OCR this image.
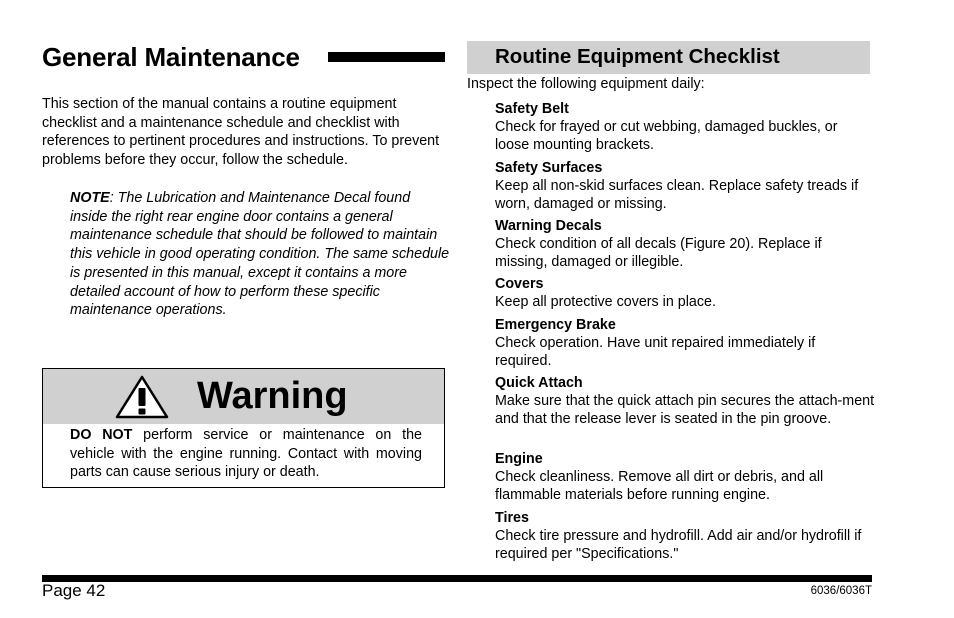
General Maintenance
This section of the manual contains a routine equipment checklist and a maintenance schedule and checklist with references to pertinent procedures and instructions. To prevent problems before they occur, follow the schedule.
NOTE: The Lubrication and Maintenance Decal found inside the right rear engine door contains a general maintenance schedule that should be followed to maintain this vehicle in good operating condition. The same schedule is presented in this manual, except it contains a more detailed account of how to perform these specific maintenance operations.
Warning
DO NOT perform service or maintenance on the vehicle with the engine running. Contact with moving parts can cause serious injury or death.
Routine Equipment Checklist
Inspect the following equipment daily:
Safety Belt
Check for frayed or cut webbing, damaged buckles, or loose mounting brackets.
Safety Surfaces
Keep all non-skid surfaces clean. Replace safety treads if worn, damaged or missing.
Warning Decals
Check condition of all decals (Figure 20). Replace if missing, damaged or illegible.
Covers
Keep all protective covers in place.
Emergency Brake
Check operation. Have unit repaired immediately if required.
Quick Attach
Make sure that the quick attach pin secures the attach-ment and that the release lever is seated in the pin groove.
Engine
Check cleanliness. Remove all dirt or debris, and all flammable materials before running engine.
Tires
Check tire pressure and hydrofill. Add air and/or hydrofill if required per "Specifications."
Page 42	6036/6036T
